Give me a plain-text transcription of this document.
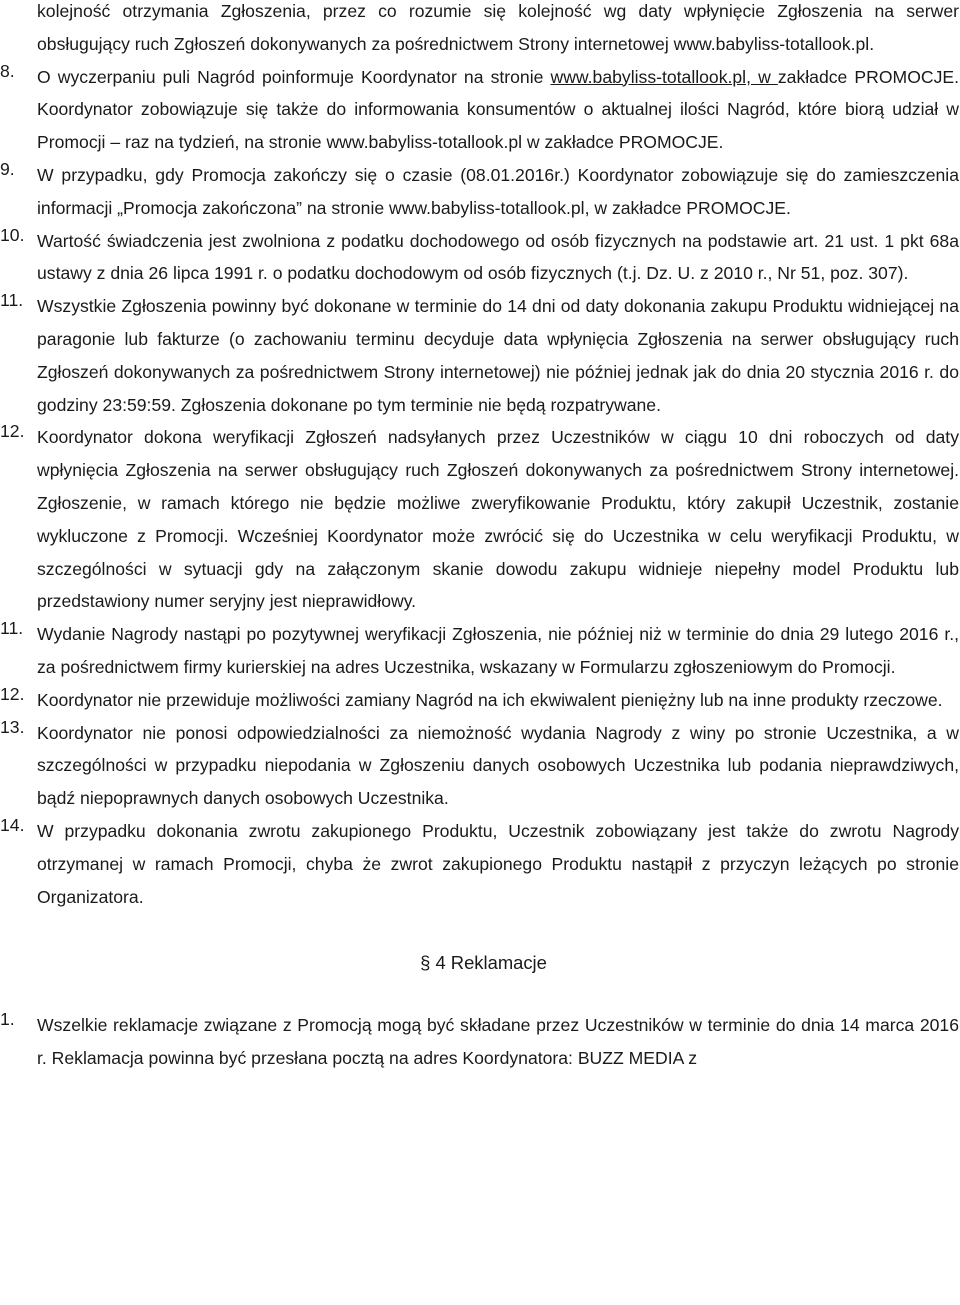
kolejność otrzymania Zgłoszenia, przez co rozumie się kolejność wg daty wpłynięcie Zgłoszenia na serwer obsługujący ruch Zgłoszeń dokonywanych za pośrednictwem Strony internetowej www.babyliss-totallook.pl.

8.	O wyczerpaniu puli Nagród poinformuje Koordynator na stronie www.babyliss-totallook.pl, w zakładce PROMOCJE. Koordynator zobowiązuje się także do informowania konsumentów o aktualnej ilości Nagród, które biorą udział w Promocji – raz na tydzień, na stronie www.babyliss-totallook.pl w zakładce PROMOCJE.

9.	W przypadku, gdy Promocja zakończy się o czasie (08.01.2016r.) Koordynator zobowiązuje się do zamieszczenia informacji „Promocja zakończona” na stronie www.babyliss-totallook.pl, w zakładce PROMOCJE.

10. Wartość świadczenia jest zwolniona z podatku dochodowego od osób fizycznych na podstawie art. 21 ust. 1 pkt 68a ustawy z dnia 26 lipca 1991 r. o podatku dochodowym od osób fizycznych (t.j. Dz. U. z 2010 r., Nr 51, poz. 307).

11. Wszystkie Zgłoszenia powinny być dokonane w terminie do 14 dni od daty dokonania zakupu Produktu widniejącej na paragonie lub fakturze (o zachowaniu terminu decyduje data wpłynięcia Zgłoszenia na serwer obsługujący ruch Zgłoszeń dokonywanych za pośrednictwem Strony internetowej) nie później jednak jak do dnia 20 stycznia 2016 r. do godziny 23:59:59. Zgłoszenia dokonane po tym terminie nie będą rozpatrywane.

12. Koordynator dokona weryfikacji Zgłoszeń nadsyłanych przez Uczestników w ciągu 10 dni roboczych od daty wpłynięcia Zgłoszenia na serwer obsługujący ruch Zgłoszeń dokonywanych za pośrednictwem Strony internetowej. Zgłoszenie, w ramach którego nie będzie możliwe zweryfikowanie Produktu, który zakupił Uczestnik, zostanie wykluczone z Promocji. Wcześniej Koordynator może zwrócić się do Uczestnika w celu weryfikacji Produktu, w szczególności w sytuacji gdy na załączonym skanie dowodu zakupu widnieje niepełny model Produktu lub przedstawiony numer seryjny jest nieprawidłowy.

11. Wydanie Nagrody nastąpi po pozytywnej weryfikacji Zgłoszenia, nie później niż w terminie do dnia 29 lutego 2016 r., za pośrednictwem firmy kurierskiej na adres Uczestnika, wskazany w Formularzu zgłoszeniowym do Promocji.

12. Koordynator nie przewiduje możliwości zamiany Nagród na ich ekwiwalent pieniężny lub na inne produkty rzeczowe.

13. Koordynator nie ponosi odpowiedzialności za niemożność wydania Nagrody z winy po stronie Uczestnika, a w szczególności w przypadku niepodania w Zgłoszeniu danych osobowych Uczestnika lub podania nieprawdziwych, bądź niepoprawnych danych osobowych Uczestnika.

14. W przypadku dokonania zwrotu zakupionego Produktu, Uczestnik zobowiązany jest także do zwrotu Nagrody otrzymanej w ramach Promocji, chyba że zwrot zakupionego Produktu nastąpił z przyczyn leżących po stronie Organizatora.

§ 4 Reklamacje

1.	Wszelkie reklamacje związane z Promocją mogą być składane przez Uczestników w terminie do dnia 14 marca 2016 r. Reklamacja powinna być przesłana pocztą na adres Koordynatora: BUZZ MEDIA z
